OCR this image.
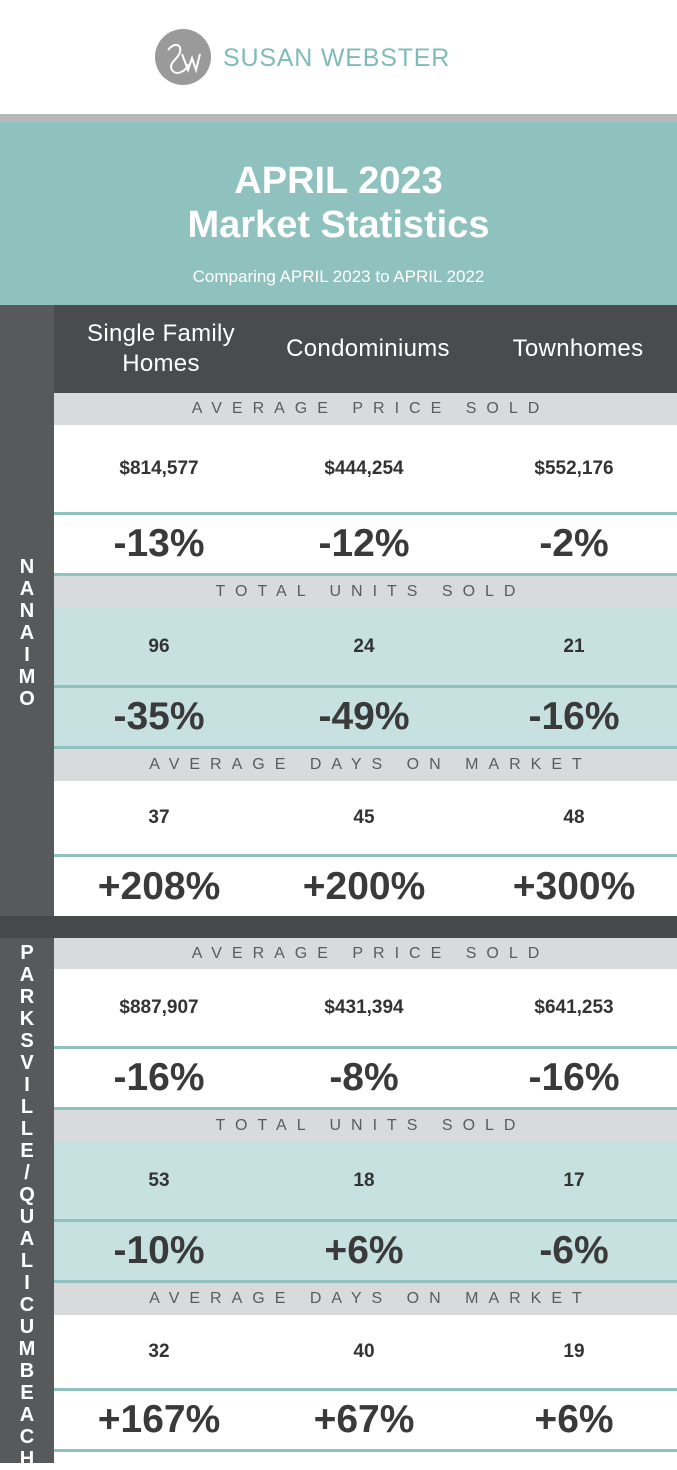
SUSAN WEBSTER
APRIL 2023
Market Statistics
Comparing APRIL 2023 to APRIL 2022
N
A
N
A
I
M
O
P
A
R
K
S
V
I
L
L
E
/
Q
U
A
L
I
C
U
M
B
E
A
C
H
Single Family
Homes
Condominiums	Townhomes
AVERAGE PRICE SOLD
$814,577	$444,254	$552,176
-13%	-12%	-2%
TOTAL UNITS SOLD
96	24	21
-35%	-49%	-16%
AVERAGE DAYS ON MARKET
37	45	48
+208%	+200%	+300%
AVERAGE PRICE SOLD
$887,907	$431,394	$641,253
-16%	-8%	-16%
TOTAL UNITS SOLD
53	18	17
-10%	+6%	-6%
AVERAGE DAYS ON MARKET
32	40	19
+167%	+67%	+6%
